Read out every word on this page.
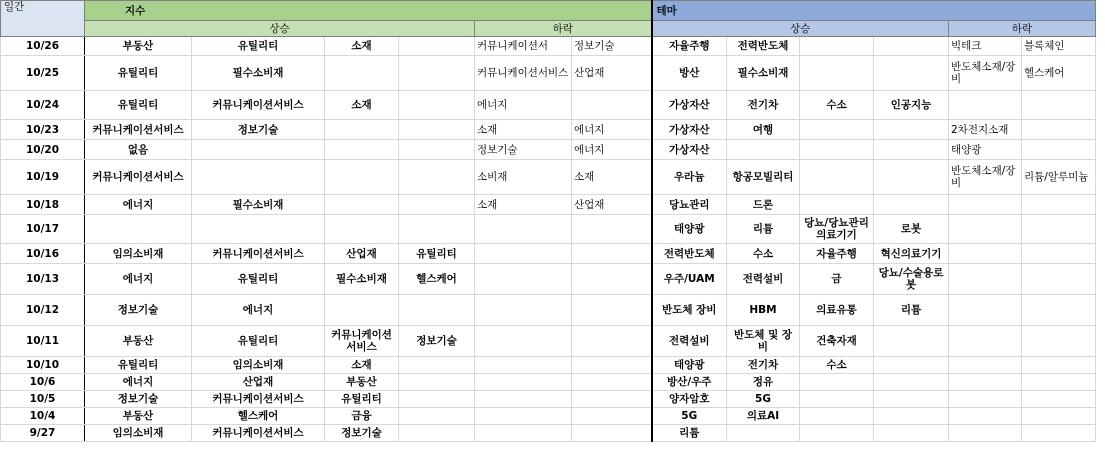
일간	지수						테마					
	상승				하락		상승				하락	
10/26	부동산	유틸리티	소재		커뮤니케이션서	정보기술	자율주행	전력반도체			빅테크	블록체인
10/25	유틸리티	필수소비재			커뮤니케이션서비스	산업재	방산	필수소비재			반도체소재/장비	헬스케어
10/24	유틸리티	커뮤니케이션서비스	소재		에너지		가상자산	전기차	수소	인공지능		
10/23	커뮤니케이션서비스	정보기술			소재	에너지	가상자산	여행			2차전지소재	
10/20	없음				정보기술	에너지	가상자산				태양광	
10/19	커뮤니케이션서비스				소비재	소재	우라늄	항공모빌리티			반도체소재/장비	리튬/알루미늄
10/18	에너지	필수소비재			소재	산업재	당뇨관리	드론				
10/17							태양광	리튬	당뇨/당뇨관리의료기기	로봇		
10/16	임의소비재	커뮤니케이션서비스	산업재	유틸리티			전력반도체	수소	자율주행	혁신의료기기		
10/13	에너지	유틸리티	필수소비재	헬스케어			우주/UAM	전력설비	금	당뇨/수술용로봇		
10/12	정보기술	에너지					반도체 장비	HBM	의료유통	리튬		
10/11	부동산	유틸리티	커뮤니케이션서비스	정보기술			전력설비	반도체 및 장비	건축자재			
10/10	유틸리티	임의소비재	소재				태양광	전기차	수소			
10/6	에너지	산업재	부동산				방산/우주	정유				
10/5	정보기술	커뮤니케이션서비스	유틸리티				양자암호	5G				
10/4	부동산	헬스케어	금융				5G	의료AI				
9/27	임의소비재	커뮤니케이션서비스	정보기술				리튬					
